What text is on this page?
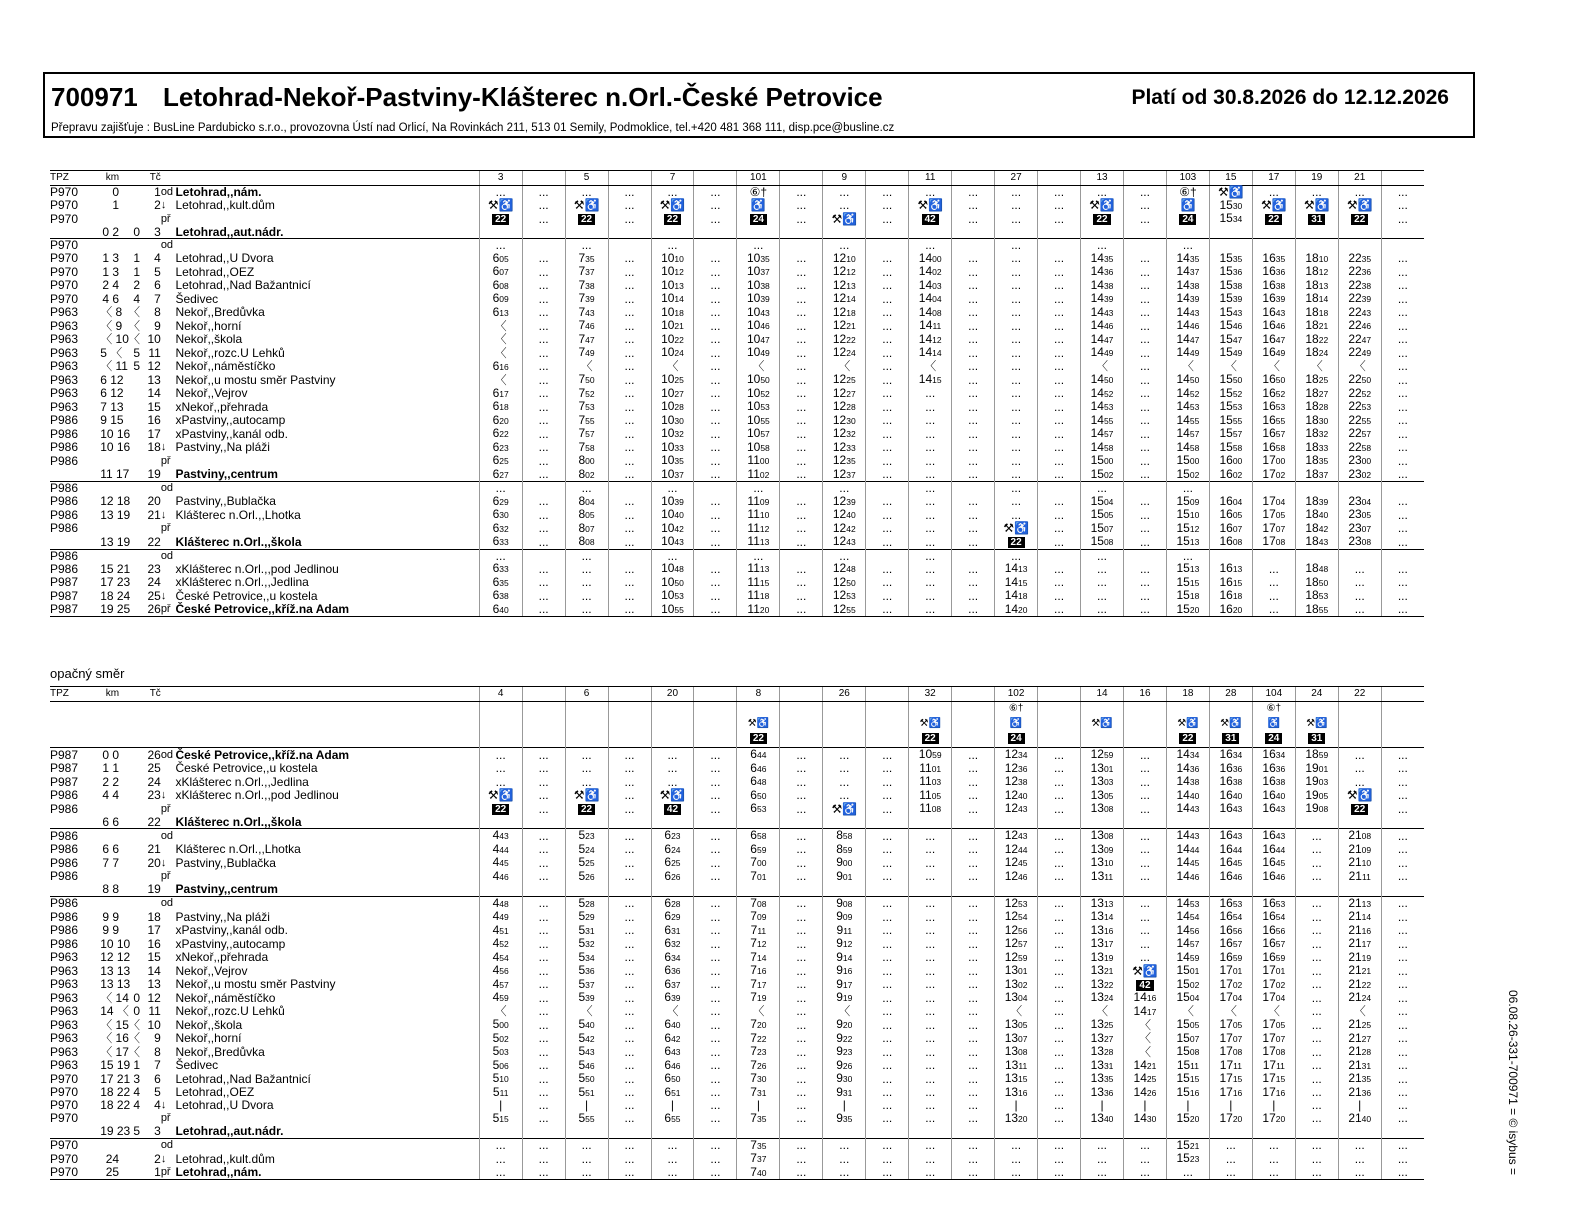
700971 Letohrad-Nekoř-Pastviny-Klášterec n.Orl.-České Petrovice	Platí od 30.8.2026 do 12.12.2026
Přepravu zajišťuje : BusLine Pardubicko s.r.o., provozovna Ústí nad Orlicí, Na Rovinkách 211, 513 01 Semily, Podmoklice, tel.+420 481 368 111, disp.pce@busline.cz
TPZ	km		Tč			3		5		7		101		9		11		27		13		103	15	17	19	21	
P970	0		1	od	Letohrad,,nám.	...	...	...	...	...	...	⑥†	...	...	...	...	...	...	...	...	...	⑥†	⚒♿	...	...	...	...
P970	1		2	↓	Letohrad,,kult.dům	⚒♿	...	⚒♿	...	⚒♿	...	♿	...	...	...	⚒♿	...	...	...	⚒♿	...	♿	1530	⚒♿	⚒♿	⚒♿	...
P970				př		22	...	22	...	22	...	24	...	⚒♿	...	42	...	...	...	22	...	24	1534	22	31	22	...
	0 2	0	3		Letohrad,,aut.nádr.																						
P970				od		...		...		...		...		...		...		...		...		...					
P970	1 3	1	4		Letohrad,,U Dvora	605	...	735	...	1010	...	1035	...	1210	...	1400	...	...	...	1435	...	1435	1535	1635	1810	2235	...
P970	1 3	1	5		Letohrad,,OEZ	607	...	737	...	1012	...	1037	...	1212	...	1402	...	...	...	1436	...	1437	1536	1636	1812	2236	...
P970	2 4	2	6		Letohrad,,Nad Bažantnicí	608	...	738	...	1013	...	1038	...	1213	...	1403	...	...	...	1438	...	1438	1538	1638	1813	2238	...
P970	4 6	4	7		Šedivec	609	...	739	...	1014	...	1039	...	1214	...	1404	...	...	...	1439	...	1439	1539	1639	1814	2239	...
P963	〈 8	〈	8		Nekoř,,Bredůvka	613	...	743	...	1018	...	1043	...	1218	...	1408	...	...	...	1443	...	1443	1543	1643	1818	2243	...
P963	〈 9	〈	9		Nekoř,,horní	〈	...	746	...	1021	...	1046	...	1221	...	1411	...	...	...	1446	...	1446	1546	1646	1821	2246	...
P963	〈 10	〈	10		Nekoř,,škola	〈	...	747	...	1022	...	1047	...	1222	...	1412	...	...	...	1447	...	1447	1547	1647	1822	2247	...
P963	5 〈	5	11		Nekoř,,rozc.U Lehků	〈	...	749	...	1024	...	1049	...	1224	...	1414	...	...	...	1449	...	1449	1549	1649	1824	2249	...
P963	〈 11	5	12		Nekoř,,náměstíčko	616	...	〈	...	〈	...	〈	...	〈	...	〈	...	...	...	〈	...	〈	〈	〈	〈	〈	...
P963	6 12		13		Nekoř,,u mostu směr Pastviny	〈	...	750	...	1025	...	1050	...	1225	...	1415	...	...	...	1450	...	1450	1550	1650	1825	2250	...
P963	6 12		14		Nekoř,,Vejrov	617	...	752	...	1027	...	1052	...	1227	...	...	...	...	...	1452	...	1452	1552	1652	1827	2252	...
P963	7 13		15		xNekoř,,přehrada	618	...	753	...	1028	...	1053	...	1228	...	...	...	...	...	1453	...	1453	1553	1653	1828	2253	...
P986	9 15		16		xPastviny,,autocamp	620	...	755	...	1030	...	1055	...	1230	...	...	...	...	...	1455	...	1455	1555	1655	1830	2255	...
P986	10 16		17		xPastviny,,kanál odb.	622	...	757	...	1032	...	1057	...	1232	...	...	...	...	...	1457	...	1457	1557	1657	1832	2257	...
P986	10 16		18	↓	Pastviny,,Na pláži	623	...	758	...	1033	...	1058	...	1233	...	...	...	...	...	1458	...	1458	1558	1658	1833	2258	...
P986				př		625	...	800	...	1035	...	1100	...	1235	...	...	...	...	...	1500	...	1500	1600	1700	1835	2300	...
	11 17		19		Pastviny,,centrum	627	...	802	...	1037	...	1102	...	1237	...	...	...	...	...	1502	...	1502	1602	1702	1837	2302	...
P986				od		...		...		...		...		...		...		...		...		...					
P986	12 18		20		Pastviny,,Bublačka	629	...	804	...	1039	...	1109	...	1239	...	...	...	...	...	1504	...	1509	1604	1704	1839	2304	...
P986	13 19		21	↓	Klášterec n.Orl.,,Lhotka	630	...	805	...	1040	...	1110	...	1240	...	...	...	...	...	1505	...	1510	1605	1705	1840	2305	...
P986				př		632	...	807	...	1042	...	1112	...	1242	...	...	...	⚒♿	...	1507	...	1512	1607	1707	1842	2307	...
	13 19		22		Klášterec n.Orl.,,škola	633	...	808	...	1043	...	1113	...	1243	...	...	...	22	...	1508	...	1513	1608	1708	1843	2308	...
P986				od		...		...		...		...		...		...		...		...		...					
P986	15 21		23		xKlášterec n.Orl.,,pod Jedlinou	633	...	...	...	1048	...	1113	...	1248	...	...	...	1413	...	...	...	1513	1613	...	1848	...	...
P987	17 23		24		xKlášterec n.Orl.,,Jedlina	635	...	...	...	1050	...	1115	...	1250	...	...	...	1415	...	...	...	1515	1615	...	1850	...	...
P987	18 24		25	↓	České Petrovice,,u kostela	638	...	...	...	1053	...	1118	...	1253	...	...	...	1418	...	...	...	1518	1618	...	1853	...	...
P987	19 25		26	př	České Petrovice,,kříž.na Adam	640	...	...	...	1055	...	1120	...	1255	...	...	...	1420	...	...	...	1520	1620	...	1855	...	...
opačný směr
TPZ	km		Tč			4		6		20		8		26		32		102		14	16	18	28	104	24	22	
																		⑥†						⑥†			
												⚒♿				⚒♿		♿		⚒♿		⚒♿	⚒♿	♿	⚒♿		
												22				22		24				22	31	24	31		
P987	0 0		26	od	České Petrovice,,kříž.na Adam	...	...	...	...	...	...	644	...	...	...	1059	...	1234	...	1259	...	1434	1634	1634	1859	...	...
P987	1 1		25		České Petrovice,,u kostela	...	...	...	...	...	...	646	...	...	...	1101	...	1236	...	1301	...	1436	1636	1636	1901	...	...
P987	2 2		24		xKlášterec n.Orl.,,Jedlina	...	...	...	...	...	...	648	...	...	...	1103	...	1238	...	1303	...	1438	1638	1638	1903	...	...
P986	4 4		23	↓	xKlášterec n.Orl.,,pod Jedlinou	⚒♿	...	⚒♿	...	⚒♿	...	650	...	...	...	1105	...	1240	...	1305	...	1440	1640	1640	1905	⚒♿	...
P986				př		22	...	22	...	42	...	653	...	⚒♿	...	1108	...	1243	...	1308	...	1443	1643	1643	1908	22	...
	6 6		22		Klášterec n.Orl.,,škola																						
P986				od		443	...	523	...	623	...	658	...	858	...	...	...	1243	...	1308	...	1443	1643	1643	...	2108	...
P986	6 6		21		Klášterec n.Orl.,,Lhotka	444	...	524	...	624	...	659	...	859	...	...	...	1244	...	1309	...	1444	1644	1644	...	2109	...
P986	7 7		20	↓	Pastviny,,Bublačka	445	...	525	...	625	...	700	...	900	...	...	...	1245	...	1310	...	1445	1645	1645	...	2110	...
P986				př		446	...	526	...	626	...	701	...	901	...	...	...	1246	...	1311	...	1446	1646	1646	...	2111	...
	8 8		19		Pastviny,,centrum																						
P986				od		448	...	528	...	628	...	708	...	908	...	...	...	1253	...	1313	...	1453	1653	1653	...	2113	...
P986	9 9		18		Pastviny,,Na pláži	449	...	529	...	629	...	709	...	909	...	...	...	1254	...	1314	...	1454	1654	1654	...	2114	...
P986	9 9		17		xPastviny,,kanál odb.	451	...	531	...	631	...	711	...	911	...	...	...	1256	...	1316	...	1456	1656	1656	...	2116	...
P986	10 10		16		xPastviny,,autocamp	452	...	532	...	632	...	712	...	912	...	...	...	1257	...	1317	...	1457	1657	1657	...	2117	...
P963	12 12		15		xNekoř,,přehrada	454	...	534	...	634	...	714	...	914	...	...	...	1259	...	1319	...	1459	1659	1659	...	2119	...
P963	13 13		14		Nekoř,,Vejrov	456	...	536	...	636	...	716	...	916	...	...	...	1301	...	1321	⚒♿	1501	1701	1701	...	2121	...
P963	13 13		13		Nekoř,,u mostu směr Pastviny	457	...	537	...	637	...	717	...	917	...	...	...	1302	...	1322	42	1502	1702	1702	...	2122	...
P963	〈 14	0	12		Nekoř,,náměstíčko	459	...	539	...	639	...	719	...	919	...	...	...	1304	...	1324	1416	1504	1704	1704	...	2124	...
P963	14 〈	0	11		Nekoř,,rozc.U Lehků	〈	...	〈	...	〈	...	〈	...	〈	...	...	...	〈	...	〈	1417	〈	〈	〈	...	〈	...
P963	〈 15	〈	10		Nekoř,,škola	500	...	540	...	640	...	720	...	920	...	...	...	1305	...	1325	〈	1505	1705	1705	...	2125	...
P963	〈 16	〈	9		Nekoř,,horní	502	...	542	...	642	...	722	...	922	...	...	...	1307	...	1327	〈	1507	1707	1707	...	2127	...
P963	〈 17	〈	8		Nekoř,,Bredůvka	503	...	543	...	643	...	723	...	923	...	...	...	1308	...	1328	〈	1508	1708	1708	...	2128	...
P963	15 19	1	7		Šedivec	506	...	546	...	646	...	726	...	926	...	...	...	1311	...	1331	1421	1511	1711	1711	...	2131	...
P970	17 21	3	6		Letohrad,,Nad Bažantnicí	510	...	550	...	650	...	730	...	930	...	...	...	1315	...	1335	1425	1515	1715	1715	...	2135	...
P970	18 22	4	5		Letohrad,,OEZ	511	...	551	...	651	...	731	...	931	...	...	...	1316	...	1336	1426	1516	1716	1716	...	2136	...
P970	18 22	4	4	↓	Letohrad,,U Dvora	|	...	|	...	|	...	|	...	|	...	...	...	|	...	|	|	|	|	|	...	|	...
P970				př		515	...	555	...	655	...	735	...	935	...	...	...	1320	...	1340	1430	1520	1720	1720	...	2140	...
	19 23	5	3		Letohrad,,aut.nádr.																						
P970				od		...	...	...	...	...	...	735	...	...	...	...	...	...	...	...	...	1521	...	...	...	...	...
P970	24		2	↓	Letohrad,,kult.dům	...	...	...	...	...	...	737	...	...	...	...	...	...	...	...	...	1523	...	...	...	...	...
P970	25		1	př	Letohrad,,nám.	...	...	...	...	...	...	740	...	...	...	...	...	...	...	...	...	...	...	...	...	...	...	06.08.26-331-700971 = © isybus =
